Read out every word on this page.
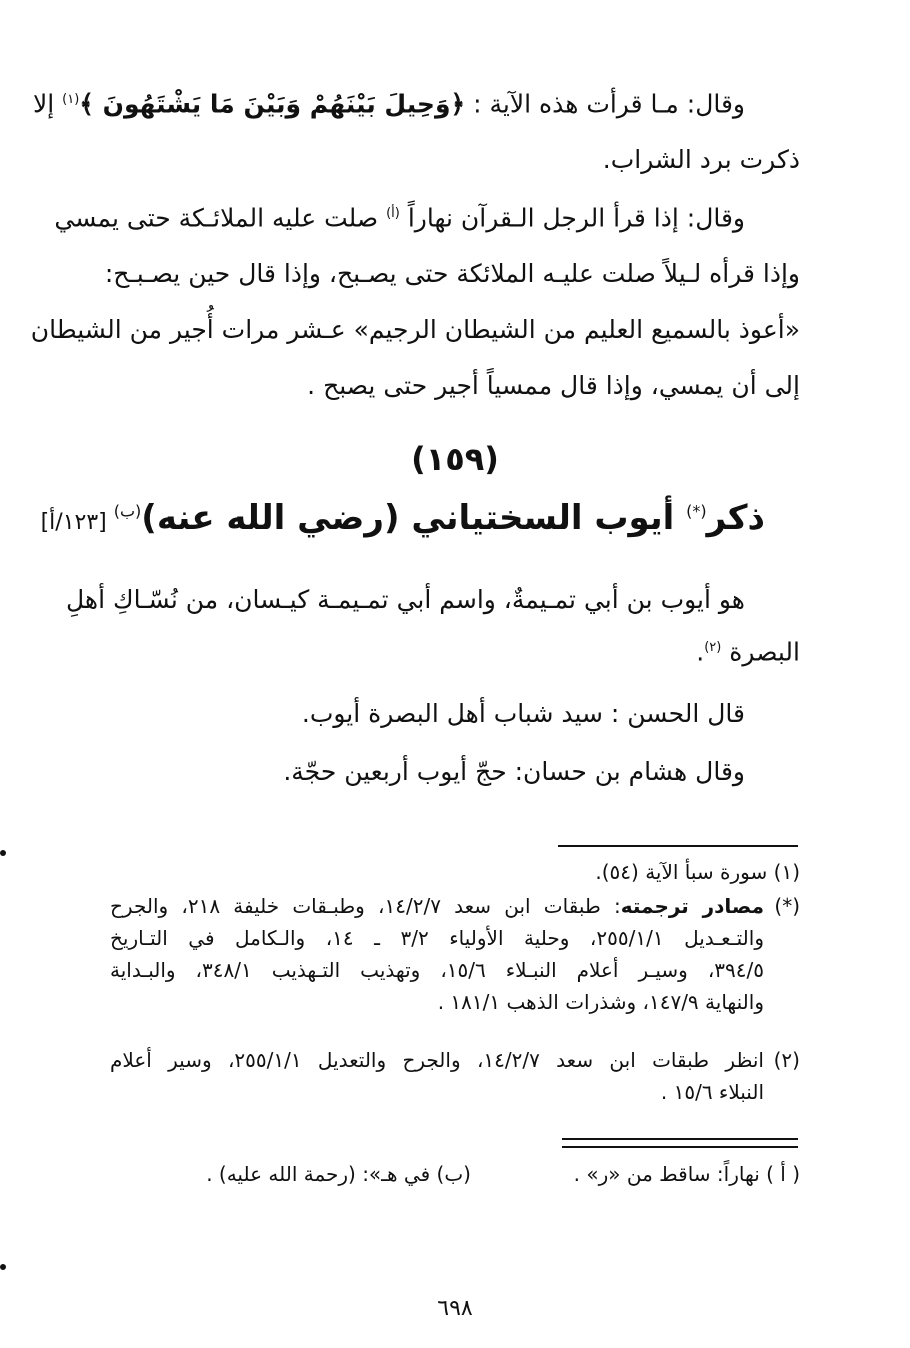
وقال: مـا قرأت هذه الآية : ﴿وَحِيلَ بَيْنَهُمْ وَبَيْنَ مَا يَشْتَهُونَ ﴾$^{(١)}$ إلا
ذكرت برد الشراب.

وقال: إذا قرأ الرجل الـقرآن نهاراً $^{(أ)}$ صلت عليه الملائـكة حتى يمسي
وإذا قرأه لـيلاً صلت عليـه الملائكة حتى يصـبح، وإذا قال حين يصـبـح:
«أعوذ بالسميع العليم من الشيطان الرجيم» عـشر مرات أُجير من الشيطان
إلى أن يمسي، وإذا قال ممسياً أجير حتى يصبح .

(١٥٩)
ذكر(*) أيوب السختياني (رضي الله عنه)$^{(ب)}$ [١٢٣/أ]

هو أيوب بن أبي تمـيمةٌ، واسم أبي تمـيمـة كيـسان، من نُسّـاكِ أهلِ
البصرة $^{(٢)}$.

قال الحسن : سيد شباب أهل البصرة أيوب.

وقال هشام بن حسان: حجّ أيوب أربعين حجّة.

(١) سورة سبأ الآية (٥٤).
(*)مصادر ترجمته: طبقات ابن سعد ١٤/٢/٧، وطبـقات خليفة ٢١٨، والجرح
والتـعـديل ٢٥٥/١/١، وحلية الأولياء ٣/٢ ـ ١٤، والـكامل في التـاريخ
٣٩٤/٥، وسيـر أعلام النبـلاء ١٥/٦، وتهذيب التـهذيب ٣٤٨/١، والبـداية
والنهاية ١٤٧/٩، وشذرات الذهب ١٨١/١ .
(٢)انظر طبقات ابن سعد ١٤/٢/٧، والجرح والتعديل ٢٥٥/١/١، وسير أعلام
النبلاء ١٥/٦ .
( أ ) نهاراً: ساقط من «ر» .  (ب) في هـ»: (رحمة الله عليه) .
٦٩٨
